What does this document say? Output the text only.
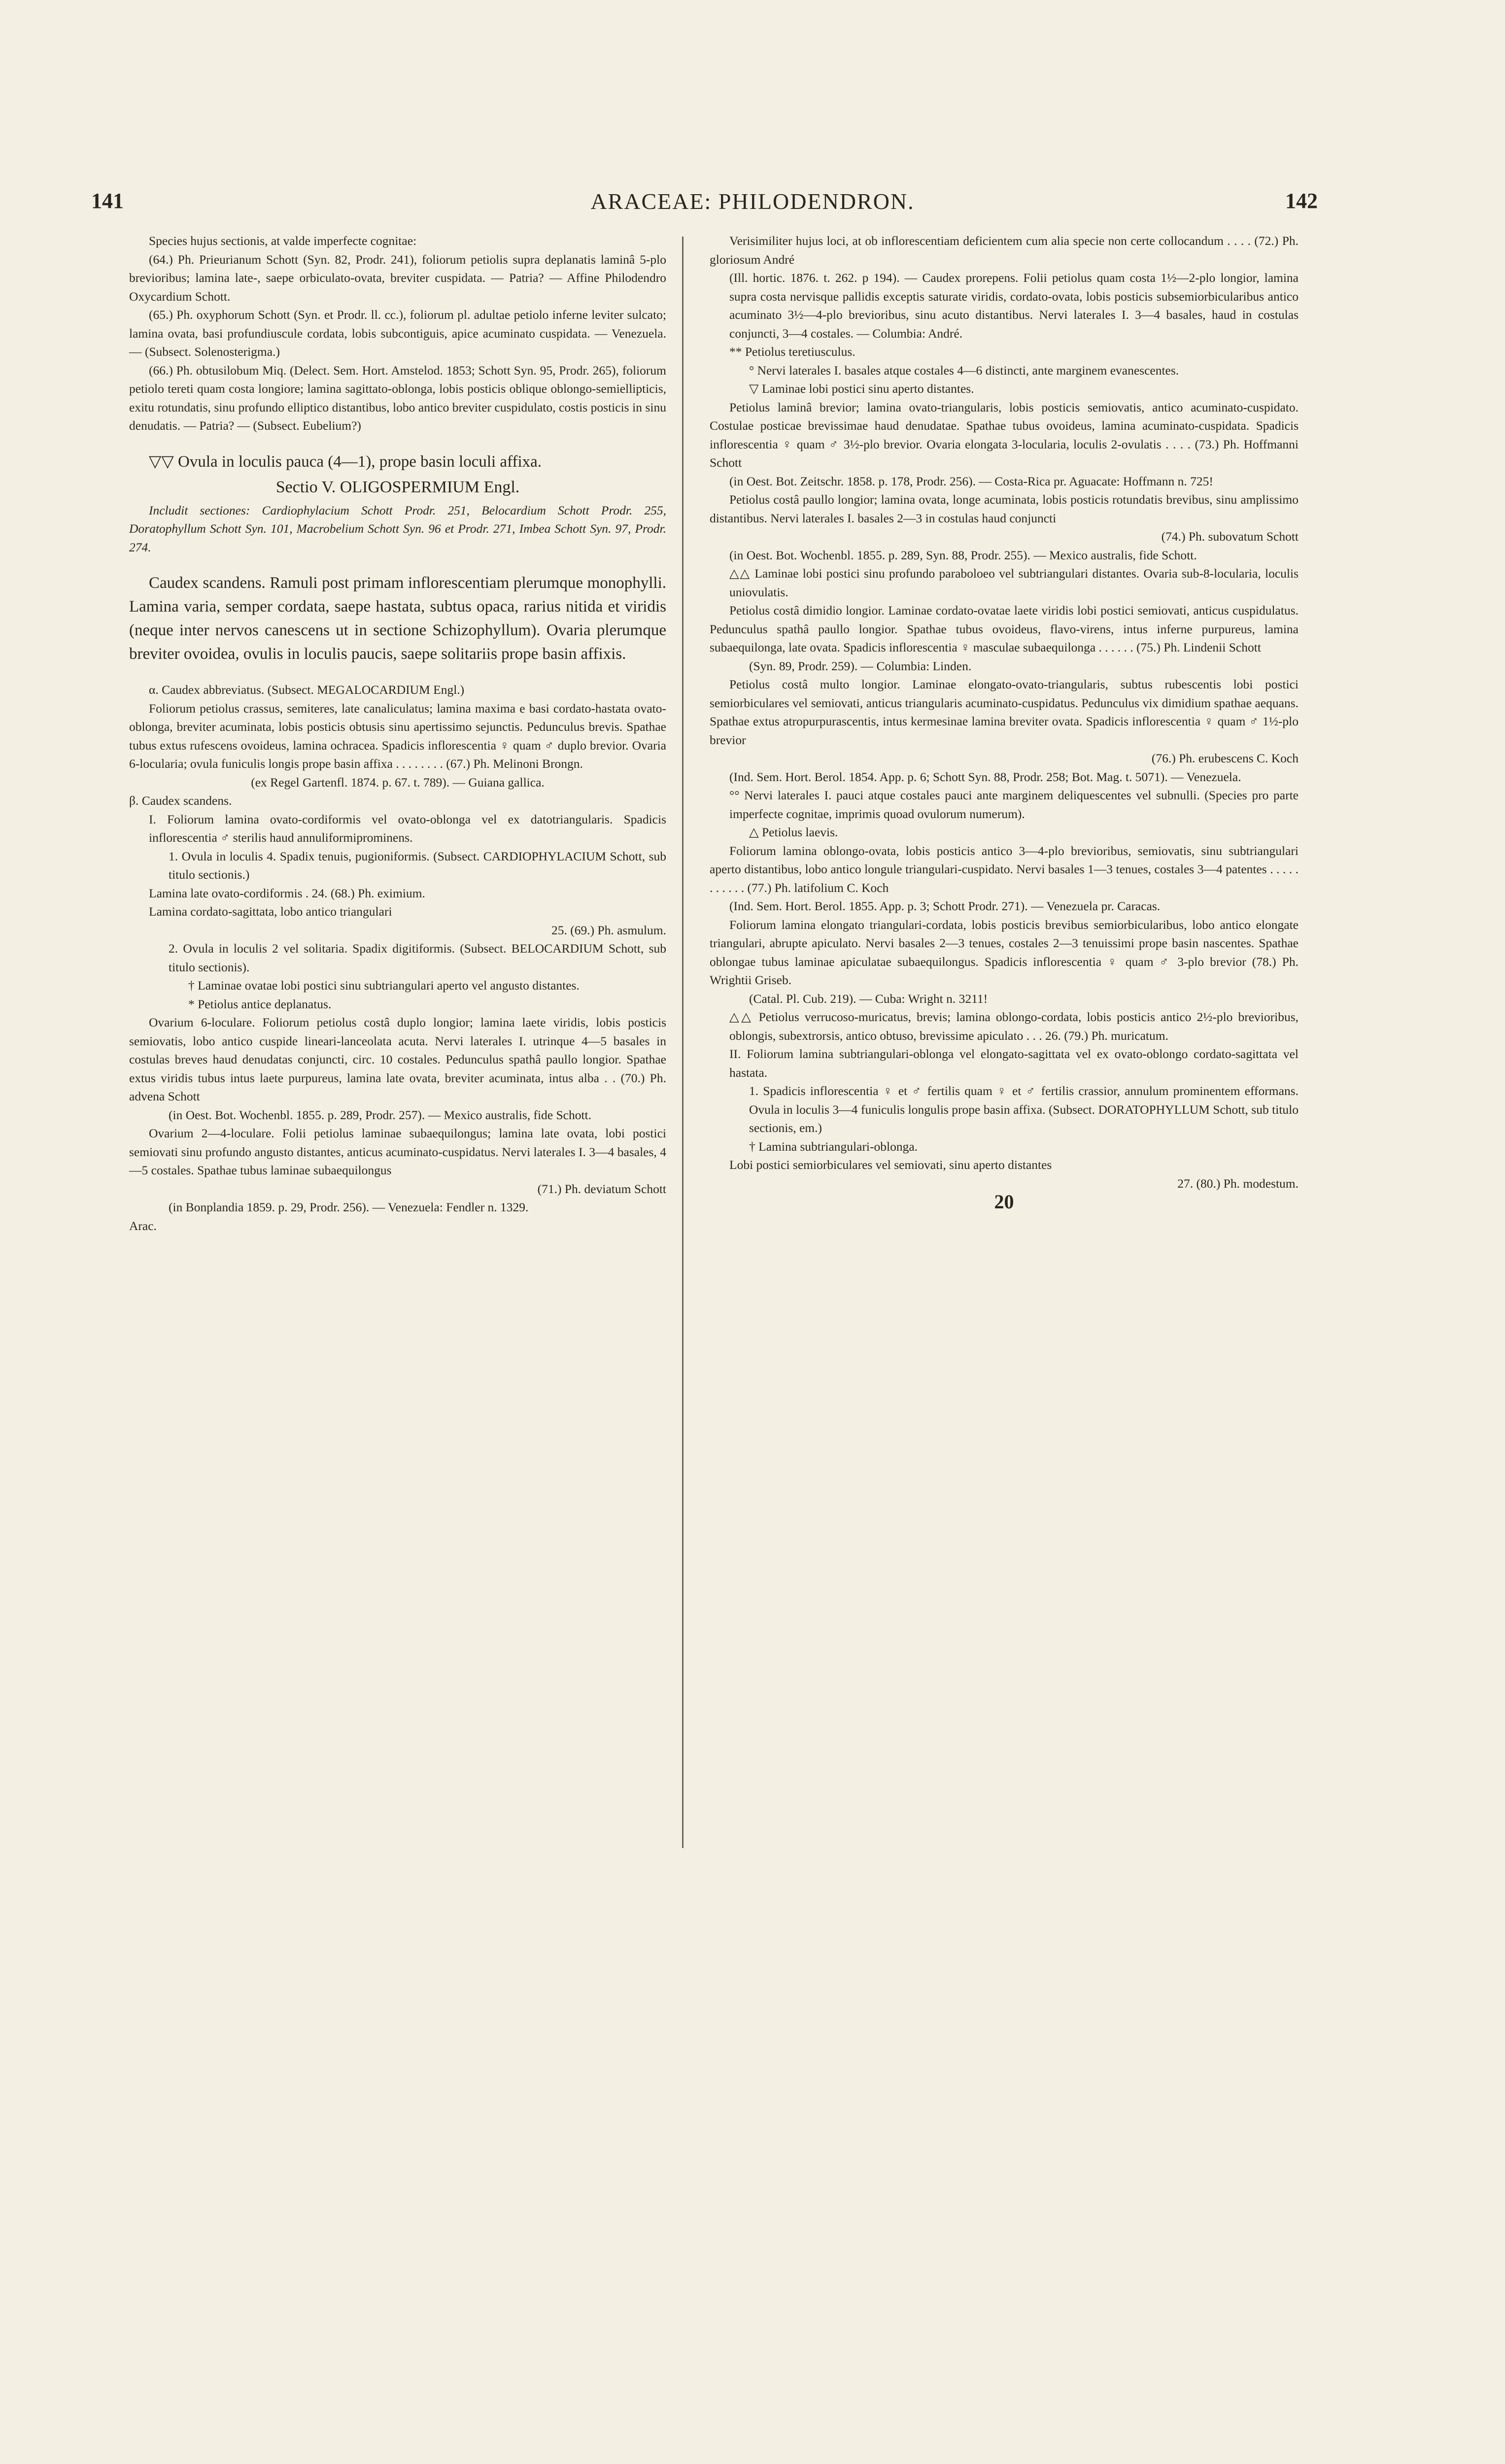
141	ARACEAE: PHILODENDRON.	142

Species hujus sectionis, at valde imperfecte cognitae:

(64.) Ph. Prieurianum Schott (Syn. 82, Prodr. 241), foliorum petiolis supra deplanatis laminâ 5-plo brevioribus; lamina late-, saepe orbiculato-ovata, breviter cuspidata. — Patria? — Affine Philodendro Oxycardium Schott.

(65.) Ph. oxyphorum Schott (Syn. et Prodr. ll. cc.), foliorum pl. adultae petiolo inferne leviter sulcato; lamina ovata, basi profundiuscule cordata, lobis subcontiguis, apice acuminato cuspidata. — Venezuela. — (Subsect. Solenosterigma.)

(66.) Ph. obtusilobum Miq. (Delect. Sem. Hort. Amstelod. 1853; Schott Syn. 95, Prodr. 265), foliorum petiolo tereti quam costa longiore; lamina sagittato-oblonga, lobis posticis oblique oblongo-semiellipticis, exitu rotundatis, sinu profundo elliptico distantibus, lobo antico breviter cuspidulato, costis posticis in sinu denudatis. — Patria? — (Subsect. Eubelium?)

▽▽ Ovula in loculis pauca (4—1), prope basin loculi affixa.

Sectio V. OLIGOSPERMIUM Engl.

Includit sectiones: Cardiophylacium Schott Prodr. 251, Belocardium Schott Prodr. 255, Doratophyllum Schott Syn. 101, Macrobelium Schott Syn. 96 et Prodr. 271, Imbea Schott Syn. 97, Prodr. 274.

Caudex scandens. Ramuli post primam inflorescentiam plerumque monophylli. Lamina varia, semper cordata, saepe hastata, subtus opaca, rarius nitida et viridis (neque inter nervos canescens ut in sectione Schizophyllum). Ovaria plerumque breviter ovoidea, ovulis in loculis paucis, saepe solitariis prope basin affixis.

α. Caudex abbreviatus. (Subsect. MEGALOCARDIUM Engl.)

Foliorum petiolus crassus, semiteres, late canaliculatus; lamina maxima e basi cordato-hastata ovato-oblonga, breviter acuminata, lobis posticis obtusis sinu apertissimo sejunctis. Pedunculus brevis. Spathae tubus extus rufescens ovoideus, lamina ochracea. Spadicis inflorescentia ♀ quam ♂ duplo brevior. Ovaria 6-locularia; ovula funiculis longis prope basin affixa . . . . . . . . (67.) Ph. Melinoni Brongn.

(ex Regel Gartenfl. 1874. p. 67. t. 789). — Guiana gallica.

β. Caudex scandens.

I. Foliorum lamina ovato-cordiformis vel ovato-oblonga vel ex datotriangularis. Spadicis inflorescentia ♂ sterilis haud annuliformiprominens.

1. Ovula in loculis 4. Spadix tenuis, pugioniformis. (Subsect. CARDIOPHYLACIUM Schott, sub titulo sectionis.)

Lamina late ovato-cordiformis . 24. (68.) Ph. eximium.

Lamina cordato-sagittata, lobo antico triangulari

25. (69.) Ph. asmulum.

2. Ovula in loculis 2 vel solitaria. Spadix digitiformis. (Subsect. BELOCARDIUM Schott, sub titulo sectionis).

† Laminae ovatae lobi postici sinu subtriangulari aperto vel angusto distantes.

* Petiolus antice deplanatus.

Ovarium 6-loculare. Foliorum petiolus costâ duplo longior; lamina laete viridis, lobis posticis semiovatis, lobo antico cuspide lineari-lanceolata acuta. Nervi laterales I. utrinque 4—5 basales in costulas breves haud denudatas conjuncti, circ. 10 costales. Pedunculus spathâ paullo longior. Spathae extus viridis tubus intus laete purpureus, lamina late ovata, breviter acuminata, intus alba . . (70.) Ph. advena Schott

(in Oest. Bot. Wochenbl. 1855. p. 289, Prodr. 257). — Mexico australis, fide Schott.

Ovarium 2—4-loculare. Folii petiolus laminae subaequilongus; lamina late ovata, lobi postici semiovati sinu profundo angusto distantes, anticus acuminato-cuspidatus. Nervi laterales I. 3—4 basales, 4—5 costales. Spathae tubus laminae subaequilongus

(71.) Ph. deviatum Schott

(in Bonplandia 1859. p. 29, Prodr. 256). — Venezuela: Fendler n. 1329.

Arac.

Verisimiliter hujus loci, at ob inflorescentiam deficientem cum alia specie non certe collocandum . . . . (72.) Ph. gloriosum André

(Ill. hortic. 1876. t. 262. p 194). — Caudex prorepens. Folii petiolus quam costa 1½—2-plo longior, lamina supra costa nervisque pallidis exceptis saturate viridis, cordato-ovata, lobis posticis subsemiorbicularibus antico acuminato 3½—4-plo brevioribus, sinu acuto distantibus. Nervi laterales I. 3—4 basales, haud in costulas conjuncti, 3—4 costales. — Columbia: André.

** Petiolus teretiusculus.

° Nervi laterales I. basales atque costales 4—6 distincti, ante marginem evanescentes.

▽ Laminae lobi postici sinu aperto distantes.

Petiolus laminâ brevior; lamina ovato-triangularis, lobis posticis semiovatis, antico acuminato-cuspidato. Costulae posticae brevissimae haud denudatae. Spathae tubus ovoideus, lamina acuminato-cuspidata. Spadicis inflorescentia ♀ quam ♂ 3½-plo brevior. Ovaria elongata 3-locularia, loculis 2-ovulatis . . . . (73.) Ph. Hoffmanni Schott

(in Oest. Bot. Zeitschr. 1858. p. 178, Prodr. 256). — Costa-Rica pr. Aguacate: Hoffmann n. 725!

Petiolus costâ paullo longior; lamina ovata, longe acuminata, lobis posticis rotundatis brevibus, sinu amplissimo distantibus. Nervi laterales I. basales 2—3 in costulas haud conjuncti

(74.) Ph. subovatum Schott

(in Oest. Bot. Wochenbl. 1855. p. 289, Syn. 88, Prodr. 255). — Mexico australis, fide Schott.

△△ Laminae lobi postici sinu profundo paraboloeo vel subtriangulari distantes. Ovaria sub-8-locularia, loculis uniovulatis.

Petiolus costâ dimidio longior. Laminae cordato-ovatae laete viridis lobi postici semiovati, anticus cuspidulatus. Pedunculus spathâ paullo longior. Spathae tubus ovoideus, flavo-virens, intus inferne purpureus, lamina subaequilonga, late ovata. Spadicis inflorescentia ♀ masculae subaequilonga . . . . . . (75.) Ph. Lindenii Schott

(Syn. 89, Prodr. 259). — Columbia: Linden.

Petiolus costâ multo longior. Laminae elongato-ovato-triangularis, subtus rubescentis lobi postici semiorbiculares vel semiovati, anticus triangularis acuminato-cuspidatus. Pedunculus vix dimidium spathae aequans. Spathae extus atropurpurascentis, intus kermesinae lamina breviter ovata. Spadicis inflorescentia ♀ quam ♂ 1½-plo brevior

(76.) Ph. erubescens C. Koch

(Ind. Sem. Hort. Berol. 1854. App. p. 6; Schott Syn. 88, Prodr. 258; Bot. Mag. t. 5071). — Venezuela.

°° Nervi laterales I. pauci atque costales pauci ante marginem deliquescentes vel subnulli. (Species pro parte imperfecte cognitae, imprimis quoad ovulorum numerum).

△ Petiolus laevis.

Foliorum lamina oblongo-ovata, lobis posticis antico 3—4-plo brevioribus, semiovatis, sinu subtriangulari aperto distantibus, lobo antico longule triangulari-cuspidato. Nervi basales 1—3 tenues, costales 3—4 patentes . . . . . . . . . . . (77.) Ph. latifolium C. Koch

(Ind. Sem. Hort. Berol. 1855. App. p. 3; Schott Prodr. 271). — Venezuela pr. Caracas.

Foliorum lamina elongato triangulari-cordata, lobis posticis brevibus semiorbicularibus, lobo antico elongate triangulari, abrupte apiculato. Nervi basales 2—3 tenues, costales 2—3 tenuissimi prope basin nascentes. Spathae oblongae tubus laminae apiculatae subaequilongus. Spadicis inflorescentia ♀ quam ♂ 3-plo brevior (78.) Ph. Wrightii Griseb.

(Catal. Pl. Cub. 219). — Cuba: Wright n. 3211!

△△ Petiolus verrucoso-muricatus, brevis; lamina oblongo-cordata, lobis posticis antico 2½-plo brevioribus, oblongis, subextrorsis, antico obtuso, brevissime apiculato . . . 26. (79.) Ph. muricatum.

II. Foliorum lamina subtriangulari-oblonga vel elongato-sagittata vel ex ovato-oblongo cordato-sagittata vel hastata.

1. Spadicis inflorescentia ♀ et ♂ fertilis quam ♀ et ♂ fertilis crassior, annulum prominentem efformans. Ovula in loculis 3—4 funiculis longulis prope basin affixa. (Subsect. DORATOPHYLLUM Schott, sub titulo sectionis, em.)

† Lamina subtriangulari-oblonga.

Lobi postici semiorbiculares vel semiovati, sinu aperto distantes

27. (80.) Ph. modestum.

20
